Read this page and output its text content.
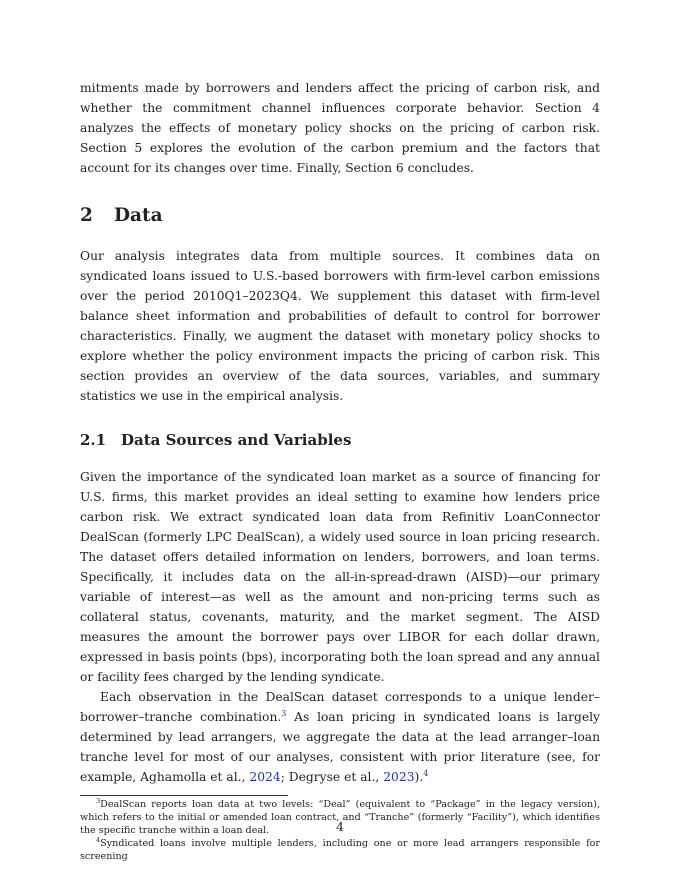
mitments made by borrowers and lenders affect the pricing of carbon risk, and whether the commitment channel influences corporate behavior. Section 4 analyzes the effects of monetary policy shocks on the pricing of carbon risk. Section 5 explores the evolution of the carbon premium and the factors that account for its changes over time. Finally, Section 6 concludes.

2 Data

Our analysis integrates data from multiple sources. It combines data on syndicated loans issued to U.S.-based borrowers with firm-level carbon emissions over the period 2010Q1–2023Q4. We supplement this dataset with firm-level balance sheet information and probabilities of default to control for borrower characteristics. Finally, we augment the dataset with monetary policy shocks to explore whether the policy environment impacts the pricing of carbon risk. This section provides an overview of the data sources, variables, and summary statistics we use in the empirical analysis.

2.1 Data Sources and Variables

Given the importance of the syndicated loan market as a source of financing for U.S. firms, this market provides an ideal setting to examine how lenders price carbon risk. We extract syndicated loan data from Refinitiv LoanConnector DealScan (formerly LPC DealScan), a widely used source in loan pricing research. The dataset offers detailed information on lenders, borrowers, and loan terms. Specifically, it includes data on the all-in-spread-drawn (AISD)—our primary variable of interest—as well as the amount and non-pricing terms such as collateral status, covenants, maturity, and the market segment. The AISD measures the amount the borrower pays over LIBOR for each dollar drawn, expressed in basis points (bps), incorporating both the loan spread and any annual or facility fees charged by the lending syndicate.

Each observation in the DealScan dataset corresponds to a unique lender–borrower–tranche combination.$^3$ As loan pricing in syndicated loans is largely determined by lead arrangers, we aggregate the data at the lead arranger–loan tranche level for most of our analyses, consistent with prior literature (see, for example, Aghamolla et al., 2024; Degryse et al., 2023).$^4$

$^3$DealScan reports loan data at two levels: “Deal” (equivalent to “Package” in the legacy version), which refers to the initial or amended loan contract, and “Tranche” (formerly “Facility”), which identifies the specific tranche within a loan deal.

$^4$Syndicated loans involve multiple lenders, including one or more lead arrangers responsible for screening

4
